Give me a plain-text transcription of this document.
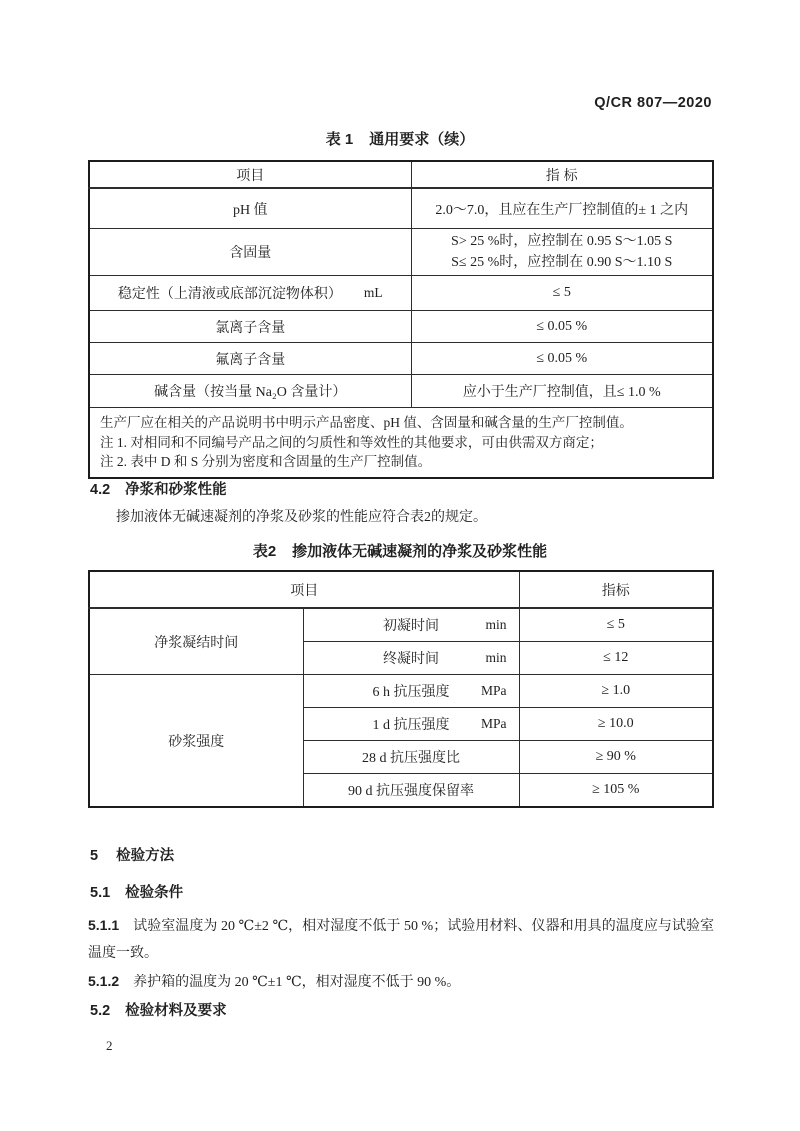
Q/CR 807—2020
表 1 通用要求（续）
项目	指 标
pH 值	2.0～7.0，且应在生产厂控制值的± 1 之内
含固量	S> 25 %时，应控制在 0.95 S～1.05 S
S≤ 25 %时，应控制在 0.90 S～1.10 S

稳定性（上清液或底部沉淀物体积） mL	≤ 5
氯离子含量	≤ 0.05 %
氟离子含量	≤ 0.05 %
碱含量（按当量 Na₂O 含量计）	应小于生产厂控制值，且≤ 1.0 %

生产厂应在相关的产品说明书中明示产品密度、pH 值、含固量和碱含量的生产厂控制值。
注 1. 对相同和不同编号产品之间的匀质性和等效性的其他要求，可由供需双方商定；
注 2. 表中 D 和 S 分别为密度和含固量的生产厂控制值。	
4.2 净浆和砂浆性能
掺加液体无碱速凝剂的净浆及砂浆的性能应符合表2的规定。
表2 掺加液体无碱速凝剂的净浆及砂浆性能
项目		指标
净浆凝结时间	初凝时间 min	≤ 5
	终凝时间 min	≤ 12
砂浆强度	6 h 抗压强度 MPa	≥ 1.0
	1 d 抗压强度 MPa	≥ 10.0
	28 d 抗压强度比	≥ 90 %
	90 d 抗压强度保留率	≥ 105 %
5 检验方法
5.1 检验条件
5.1.1 试验室温度为 20 ℃±2 ℃，相对湿度不低于 50 %；试验用材料、仪器和用具的温度应与试验室温度一致。
5.1.2 养护箱的温度为 20 ℃±1 ℃，相对湿度不低于 90 %。
5.2 检验材料及要求
2
